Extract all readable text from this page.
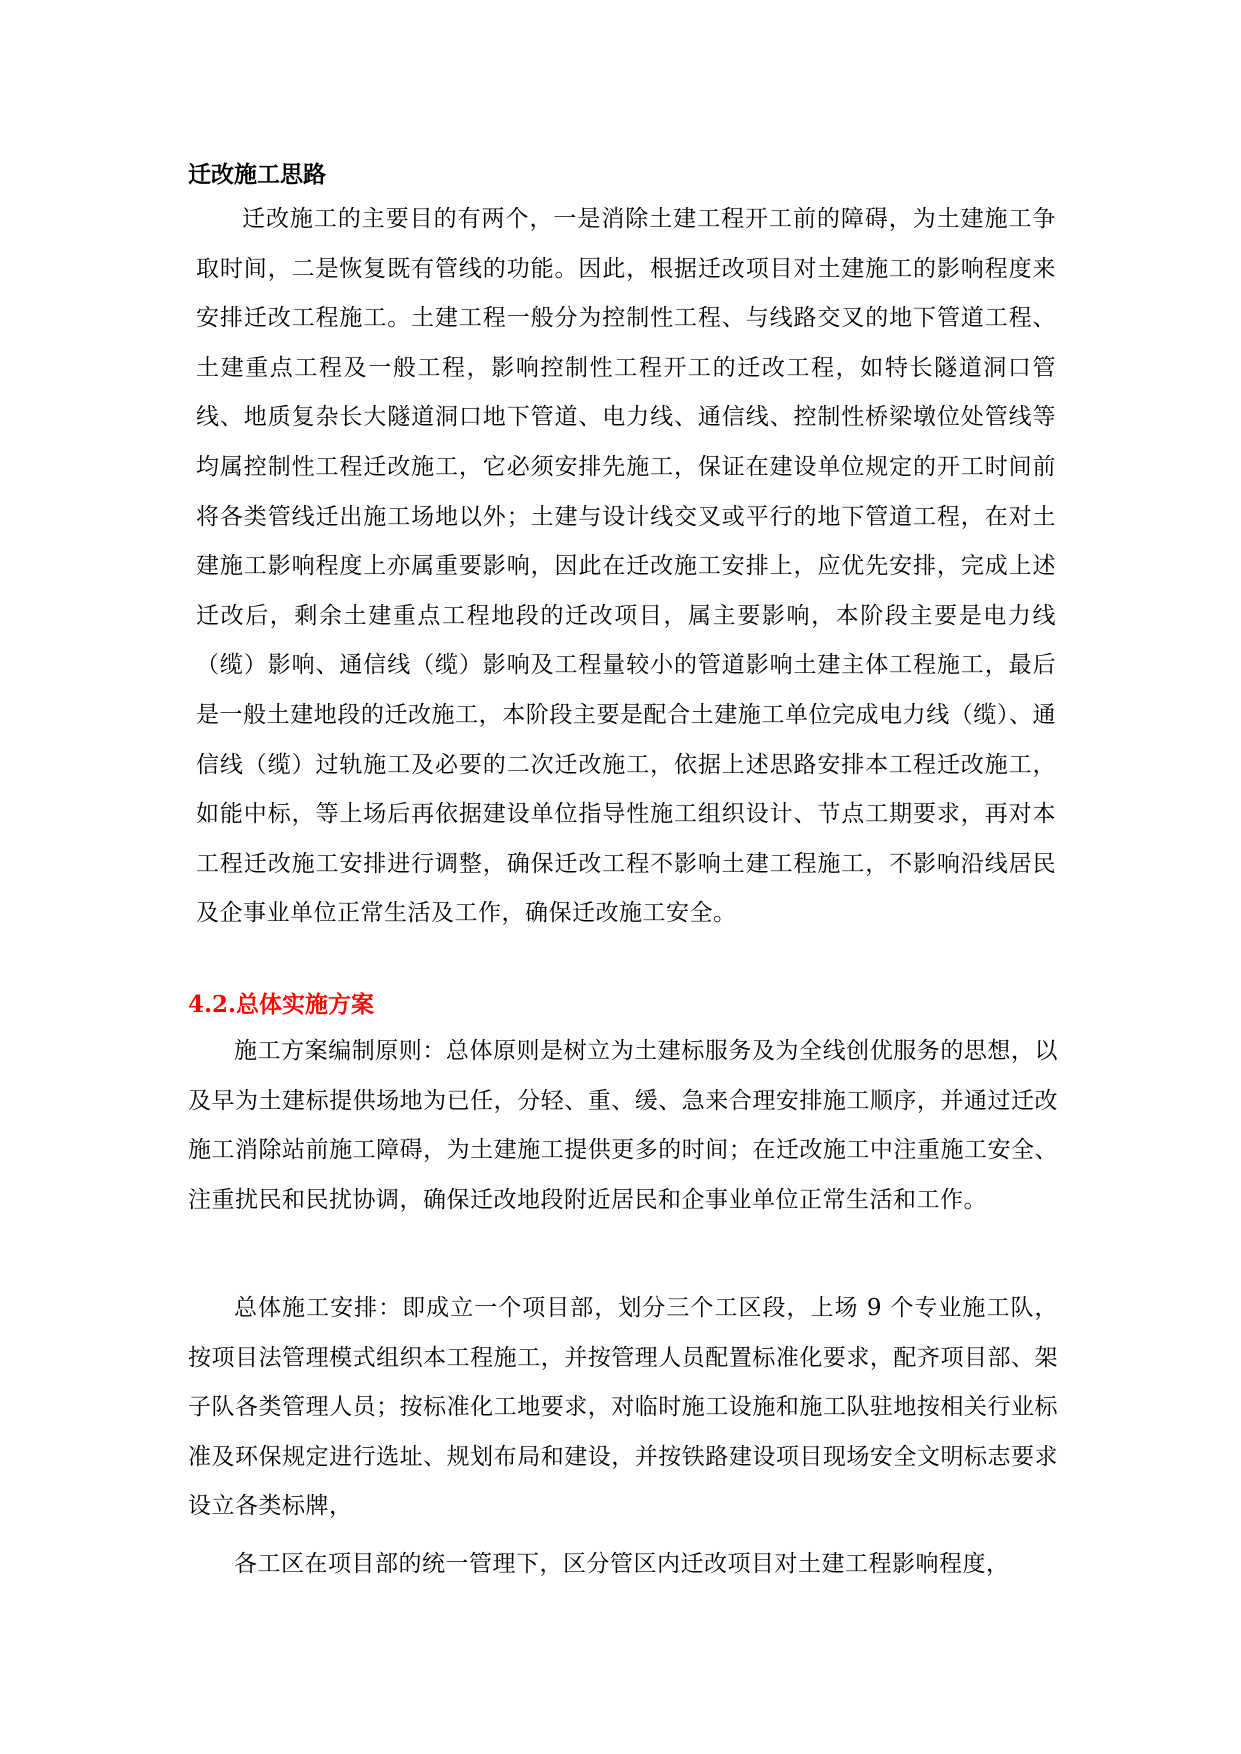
迁改施工思路
迁改施工的主要目的有两个，一是消除土建工程开工前的障碍，为土建施工争取时间，二是恢复既有管线的功能。因此，根据迁改项目对土建施工的影响程度来安排迁改工程施工。土建工程一般分为控制性工程、与线路交叉的地下管道工程、土建重点工程及一般工程，影响控制性工程开工的迁改工程，如特长隧道洞口管线、地质复杂长大隧道洞口地下管道、电力线、通信线、控制性桥梁墩位处管线等均属控制性工程迁改施工，它必须安排先施工，保证在建设单位规定的开工时间前将各类管线迁出施工场地以外；土建与设计线交叉或平行的地下管道工程，在对土建施工影响程度上亦属重要影响，因此在迁改施工安排上，应优先安排，完成上述迁改后，剩余土建重点工程地段的迁改项目，属主要影响，本阶段主要是电力线（缆）影响、通信线（缆）影响及工程量较小的管道影响土建主体工程施工，最后是一般土建地段的迁改施工，本阶段主要是配合土建施工单位完成电力线（缆）、通信线（缆）过轨施工及必要的二次迁改施工，依据上述思路安排本工程迁改施工，如能中标，等上场后再依据建设单位指导性施工组织设计、节点工期要求，再对本工程迁改施工安排进行调整，确保迁改工程不影响土建工程施工，不影响沿线居民及企事业单位正常生活及工作，确保迁改施工安全。
4.2.总体实施方案
施工方案编制原则：总体原则是树立为土建标服务及为全线创优服务的思想，以及早为土建标提供场地为已任，分轻、重、缓、急来合理安排施工顺序，并通过迁改施工消除站前施工障碍，为土建施工提供更多的时间；在迁改施工中注重施工安全、注重扰民和民扰协调，确保迁改地段附近居民和企事业单位正常生活和工作。
总体施工安排：即成立一个项目部，划分三个工区段，上场 9 个专业施工队，按项目法管理模式组织本工程施工，并按管理人员配置标准化要求，配齐项目部、架子队各类管理人员；按标准化工地要求，对临时施工设施和施工队驻地按相关行业标准及环保规定进行选址、规划布局和建设，并按铁路建设项目现场安全文明标志要求设立各类标牌，
各工区在项目部的统一管理下，区分管区内迁改项目对土建工程影响程度，
